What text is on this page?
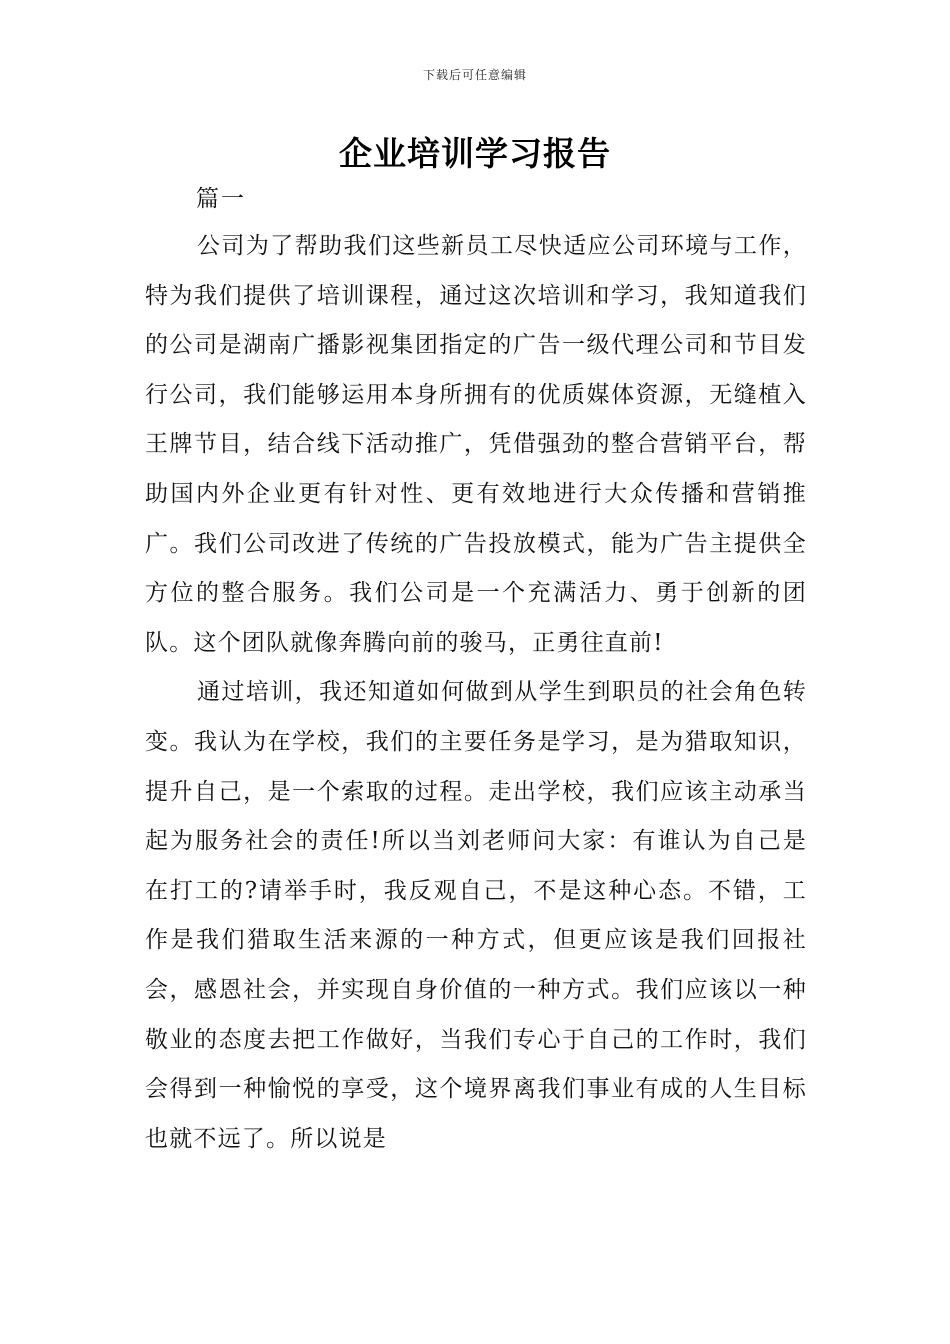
下载后可任意编辑
企业培训学习报告
篇一

公司为了帮助我们这些新员工尽快适应公司环境与工作，特为我们提供了培训课程，通过这次培训和学习，我知道我们的公司是湖南广播影视集团指定的广告一级代理公司和节目发行公司，我们能够运用本身所拥有的优质媒体资源，无缝植入王牌节目，结合线下活动推广，凭借强劲的整合营销平台，帮助国内外企业更有针对性、更有效地进行大众传播和营销推广。我们公司改进了传统的广告投放模式，能为广告主提供全方位的整合服务。我们公司是一个充满活力、勇于创新的团队。这个团队就像奔腾向前的骏马，正勇往直前!

通过培训，我还知道如何做到从学生到职员的社会角色转变。我认为在学校，我们的主要任务是学习，是为猎取知识，提升自己，是一个索取的过程。走出学校，我们应该主动承当起为服务社会的责任!所以当刘老师问大家：有谁认为自己是在打工的?请举手时，我反观自己，不是这种心态。不错，工作是我们猎取生活来源的一种方式，但更应该是我们回报社会，感恩社会，并实现自身价值的一种方式。我们应该以一种敬业的态度去把工作做好，当我们专心于自己的工作时，我们会得到一种愉悦的享受，这个境界离我们事业有成的人生目标也就不远了。所以说是
